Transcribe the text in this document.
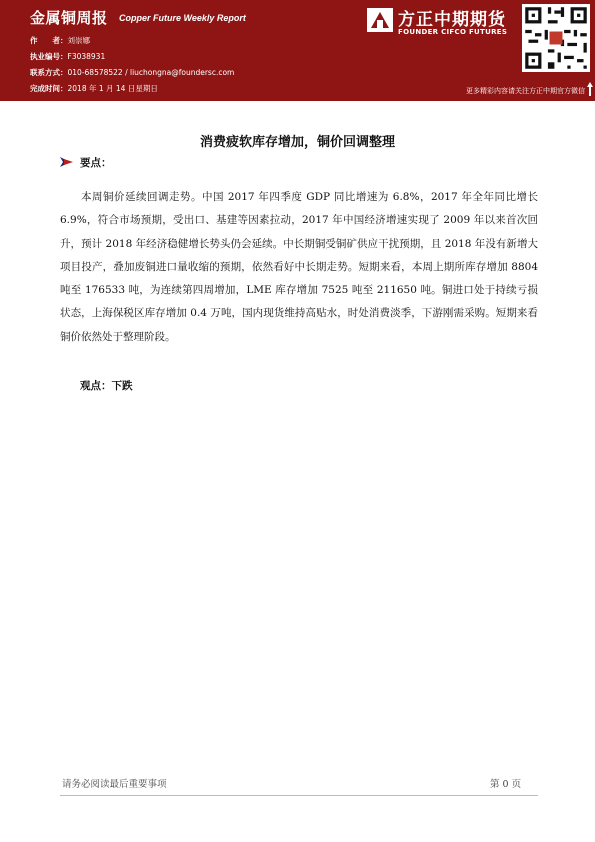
金属铜周报 Copper Future Weekly Report
作　　者：刘崇娜
执业编号：F3038931
联系方式：010-68578522 / liuchongna@foundersc.com
完成时间：2018 年 1 月 14 日星期日
方正中期期货
FOUNDER CIFCO FUTURES
更多精彩内容请关注方正中期官方微信
消费疲软库存增加，铜价回调整理
要点：
本周铜价延续回调走势。中国 2017 年四季度 GDP 同比增速为 6.8%，2017 年全年同比增长 6.9%，符合市场预期，受出口、基建等因素拉动，2017 年中国经济增速实现了 2009 年以来首次回升，预计 2018 年经济稳健增长势头仍会延续。中长期铜受铜矿供应干扰预期，且 2018 年没有新增大项目投产，叠加废铜进口量收缩的预期，依然看好中长期走势。短期来看，本周上期所库存增加 8804 吨至 176533 吨，为连续第四周增加，LME 库存增加 7525 吨至 211650 吨。铜进口处于持续亏损状态，上海保税区库存增加 0.4 万吨，国内现货维持高贴水，时处消费淡季，下游刚需采购。短期来看铜价依然处于整理阶段。
观点：下跌
请务必阅读最后重要事项	第 0 页
